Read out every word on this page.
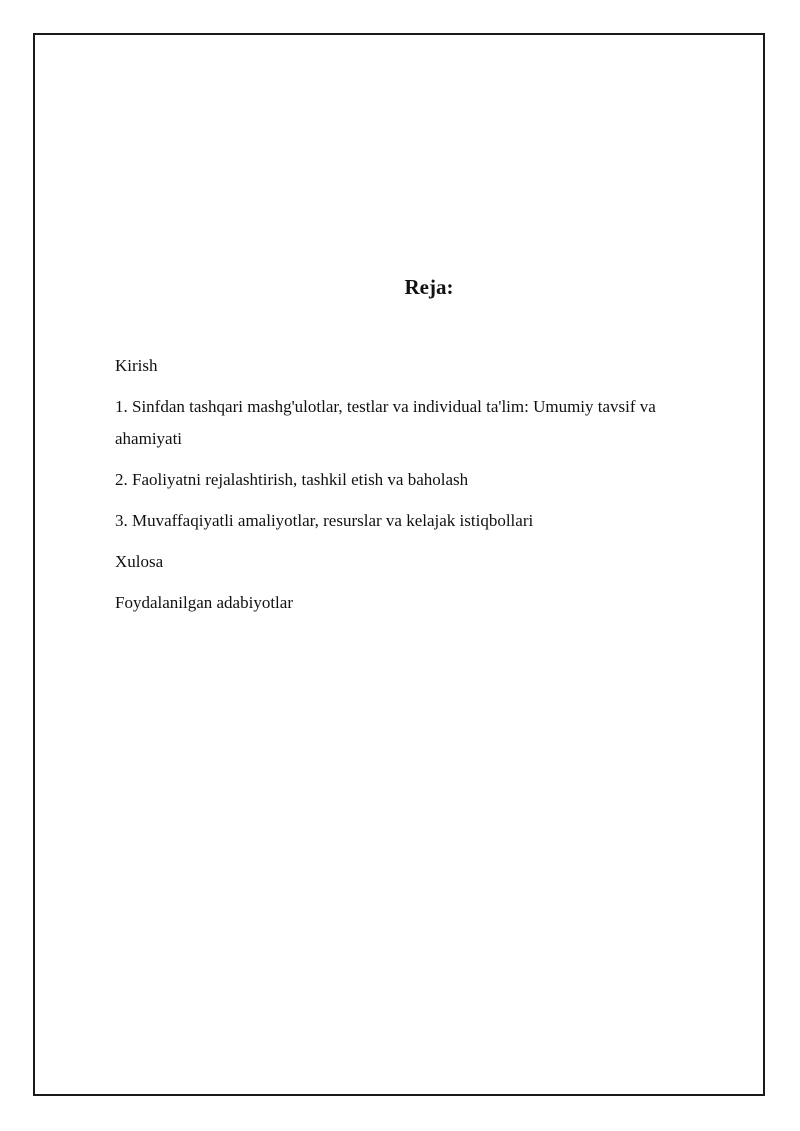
Reja:
Kirish
1. Sinfdan tashqari mashg'ulotlar, testlar va individual ta'lim: Umumiy tavsif va ahamiyati
2. Faoliyatni rejalashtirish, tashkil etish va baholash
3. Muvaffaqiyatli amaliyotlar, resurslar va kelajak istiqbollari
Xulosa
Foydalanilgan adabiyotlar
